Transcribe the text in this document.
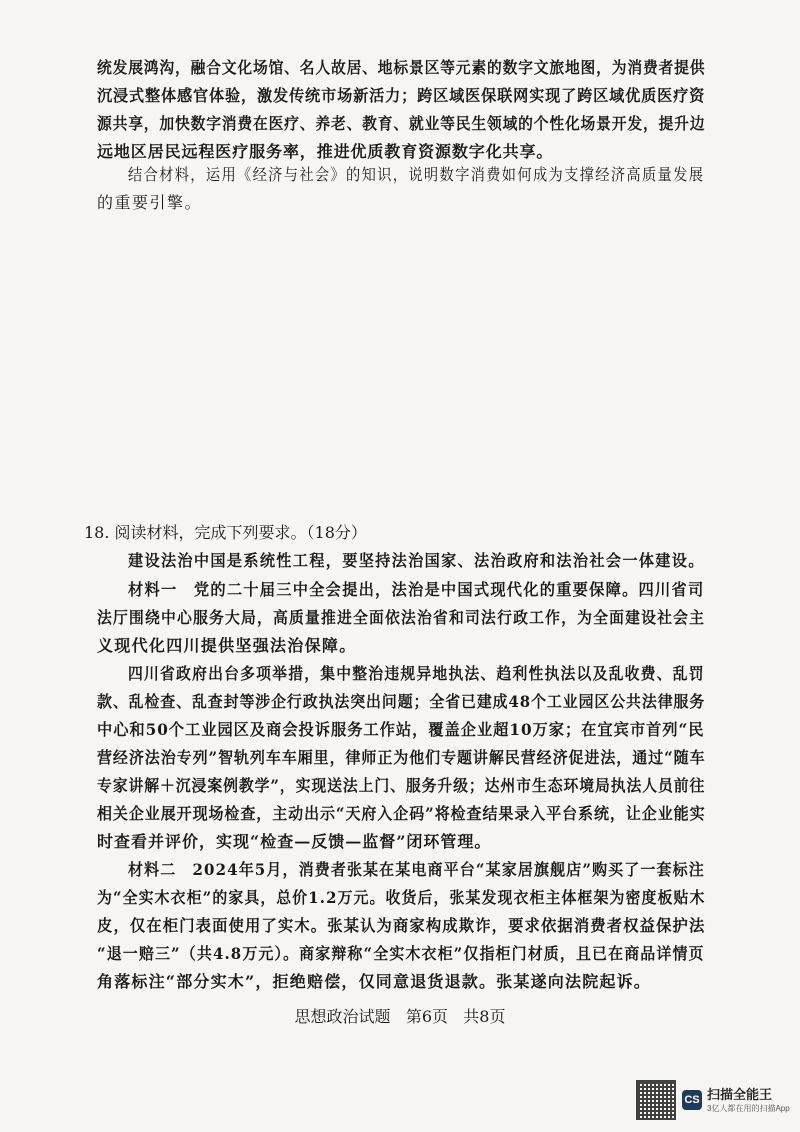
统发展鸿沟，融合文化场馆、名人故居、地标景区等元素的数字文旅地图，为消费者提供
沉浸式整体感官体验，激发传统市场新活力；跨区域医保联网实现了跨区域优质医疗资
源共享，加快数字消费在医疗、养老、教育、就业等民生领域的个性化场景开发，提升边
远地区居民远程医疗服务率，推进优质教育资源数字化共享。
结合材料，运用《经济与社会》的知识，说明数字消费如何成为支撑经济高质量发展
的重要引擎。
18. 阅读材料，完成下列要求。（18分）
建设法治中国是系统性工程，要坚持法治国家、法治政府和法治社会一体建设。
材料一　党的二十届三中全会提出，法治是中国式现代化的重要保障。四川省司
法厅围绕中心服务大局，高质量推进全面依法治省和司法行政工作，为全面建设社会主
义现代化四川提供坚强法治保障。
四川省政府出台多项举措，集中整治违规异地执法、趋利性执法以及乱收费、乱罚
款、乱检查、乱查封等涉企行政执法突出问题；全省已建成48个工业园区公共法律服务
中心和50个工业园区及商会投诉服务工作站，覆盖企业超10万家；在宜宾市首列“民
营经济法治专列”智轨列车车厢里，律师正为他们专题讲解民营经济促进法，通过“随车
专家讲解＋沉浸案例教学”，实现送法上门、服务升级；达州市生态环境局执法人员前往
相关企业展开现场检查，主动出示“天府入企码”将检查结果录入平台系统，让企业能实
时查看并评价，实现“检查—反馈—监督”闭环管理。
材料二　2024年5月，消费者张某在某电商平台“某家居旗舰店”购买了一套标注
为“全实木衣柜”的家具，总价1.2万元。收货后，张某发现衣柜主体框架为密度板贴木
皮，仅在柜门表面使用了实木。张某认为商家构成欺诈，要求依据消费者权益保护法
“退一赔三”（共4.8万元）。商家辩称“全实木衣柜”仅指柜门材质，且已在商品详情页
角落标注“部分实木”，拒绝赔偿，仅同意退货退款。张某遂向法院起诉。
思想政治试题 第6页 共8页
CS 扫描全能王
3亿人都在用的扫描App
